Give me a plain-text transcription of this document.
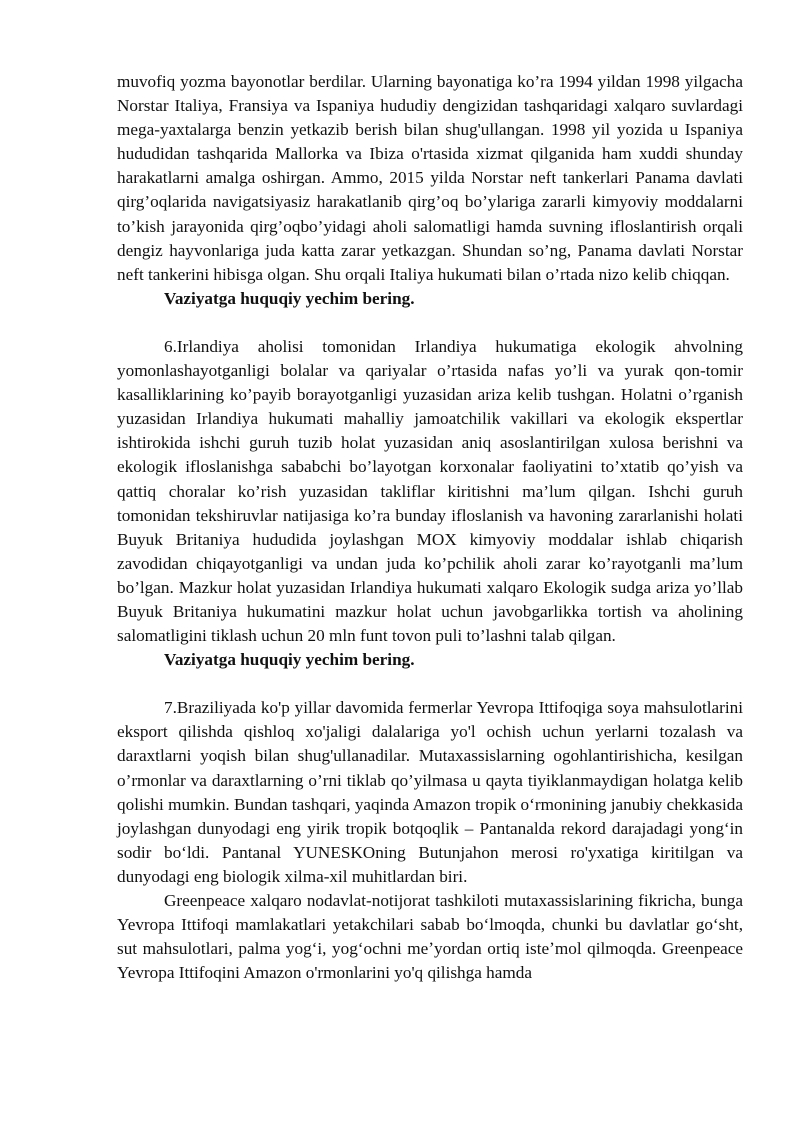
muvofiq yozma bayonotlar berdilar. Ularning bayonatiga ko’ra 1994 yildan 1998 yilgacha Norstar Italiya, Fransiya va Ispaniya hududiy dengizidan tashqaridagi xalqaro suvlardagi mega-yaxtalarga benzin yetkazib berish bilan shug'ullangan. 1998 yil yozida u Ispaniya hududidan tashqarida Mallorka va Ibiza o'rtasida xizmat qilganida ham xuddi shunday harakatlarni amalga oshirgan. Ammo, 2015 yilda Norstar neft tankerlari Panama davlati qirg’oqlarida navigatsiyasiz harakatlanib qirg’oq bo’ylariga zararli kimyoviy moddalarni to’kish jarayonida qirg’oqbo’yidagi aholi salomatligi hamda suvning ifloslantirish orqali dengiz hayvonlariga juda katta zarar yetkazgan. Shundan so’ng, Panama davlati Norstar neft tankerini hibisga olgan. Shu orqali Italiya hukumati bilan o’rtada nizo kelib chiqqan.

Vaziyatga huquqiy yechim bering.

6.Irlandiya aholisi tomonidan Irlandiya hukumatiga ekologik ahvolning yomonlashayotganligi bolalar va qariyalar o’rtasida nafas yo’li va yurak qon-tomir kasalliklarining ko’payib borayotganligi yuzasidan ariza kelib tushgan. Holatni o’rganish yuzasidan Irlandiya hukumati mahalliy jamoatchilik vakillari va ekologik ekspertlar ishtirokida ishchi guruh tuzib holat yuzasidan aniq asoslantirilgan xulosa berishni va ekologik ifloslanishga sababchi bo’layotgan korxonalar faoliyatini to’xtatib qo’yish va qattiq choralar ko’rish yuzasidan takliflar kiritishni ma’lum qilgan. Ishchi guruh tomonidan tekshiruvlar natijasiga ko’ra bunday ifloslanish va havoning zararlanishi holati Buyuk Britaniya hududida joylashgan MOX kimyoviy moddalar ishlab chiqarish zavodidan chiqayotganligi va undan juda ko’pchilik aholi zarar ko’rayotganli ma’lum bo’lgan. Mazkur holat yuzasidan Irlandiya hukumati xalqaro Ekologik sudga ariza yo’llab Buyuk Britaniya hukumatini mazkur holat uchun javobgarlikka tortish va aholining salomatligini tiklash uchun 20 mln funt tovon puli to’lashni talab qilgan.

Vaziyatga huquqiy yechim bering.

7.Braziliyada ko'p yillar davomida fermerlar Yevropa Ittifoqiga soya mahsulotlarini eksport qilishda qishloq xo'jaligi dalalariga yo'l ochish uchun yerlarni tozalash va daraxtlarni yoqish bilan shug'ullanadilar. Mutaxassislarning ogohlantirishicha, kesilgan o’rmonlar va daraxtlarning o’rni tiklab qo’yilmasa u qayta tiyiklanmaydigan holatga kelib qolishi mumkin. Bundan tashqari, yaqinda Amazon tropik oʻrmonining janubiy chekkasida joylashgan dunyodagi eng yirik tropik botqoqlik – Pantanalda rekord darajadagi yongʻin sodir boʻldi. Pantanal YUNESKOning Butunjahon merosi ro'yxatiga kiritilgan va dunyodagi eng biologik xilma-xil muhitlardan biri.

Greenpeace xalqaro nodavlat-notijorat tashkiloti mutaxassislarining fikricha, bunga Yevropa Ittifoqi mamlakatlari yetakchilari sabab boʻlmoqda, chunki bu davlatlar goʻsht, sut mahsulotlari, palma yogʻi, yogʻochni meʼyordan ortiq isteʼmol qilmoqda. Greenpeace Yevropa Ittifoqini Amazon o'rmonlarini yo'q qilishga hamda
